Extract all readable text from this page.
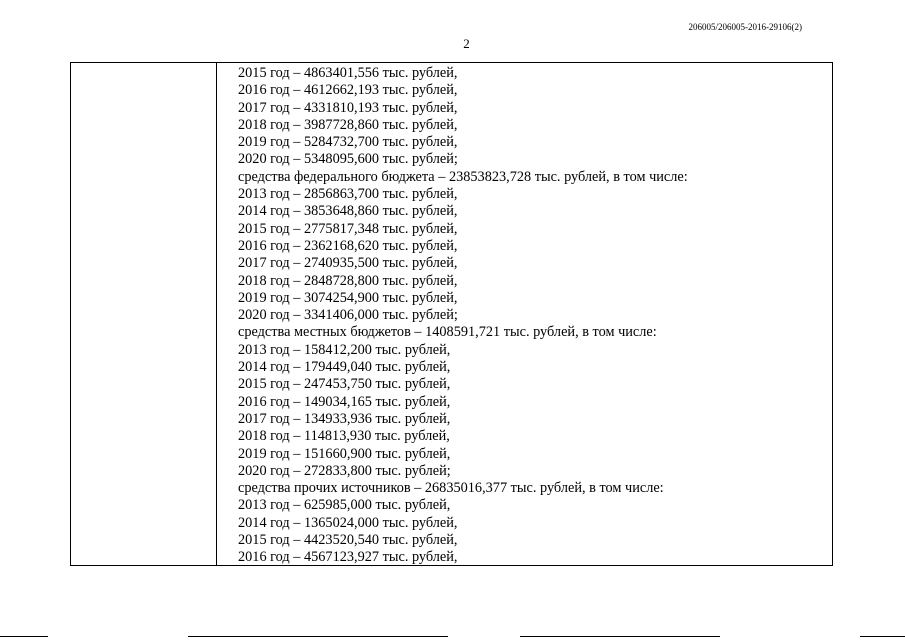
206005/206005-2016-29106(2)
2
2015 год – 4863401,556 тыс. рублей,
2016 год – 4612662,193 тыс. рублей,
2017 год – 4331810,193 тыс. рублей,
2018 год – 3987728,860 тыс. рублей,
2019 год – 5284732,700 тыс. рублей,
2020 год – 5348095,600 тыс. рублей;
средства федерального бюджета – 23853823,728 тыс. рублей, в том числе:
2013 год – 2856863,700 тыс. рублей,
2014 год – 3853648,860 тыс. рублей,
2015 год – 2775817,348 тыс. рублей,
2016 год – 2362168,620 тыс. рублей,
2017 год – 2740935,500 тыс. рублей,
2018 год – 2848728,800 тыс. рублей,
2019 год – 3074254,900 тыс. рублей,
2020 год – 3341406,000 тыс. рублей;
средства местных бюджетов – 1408591,721 тыс. рублей, в том числе:
2013 год – 158412,200 тыс. рублей,
2014 год – 179449,040 тыс. рублей,
2015 год – 247453,750 тыс. рублей,
2016 год – 149034,165 тыс. рублей,
2017 год – 134933,936 тыс. рублей,
2018 год – 114813,930 тыс. рублей,
2019 год – 151660,900 тыс. рублей,
2020 год – 272833,800 тыс. рублей;
средства прочих источников – 26835016,377 тыс. рублей, в том числе:
2013 год – 625985,000 тыс. рублей,
2014 год – 1365024,000 тыс. рублей,
2015 год – 4423520,540 тыс. рублей,
2016 год – 4567123,927 тыс. рублей,
